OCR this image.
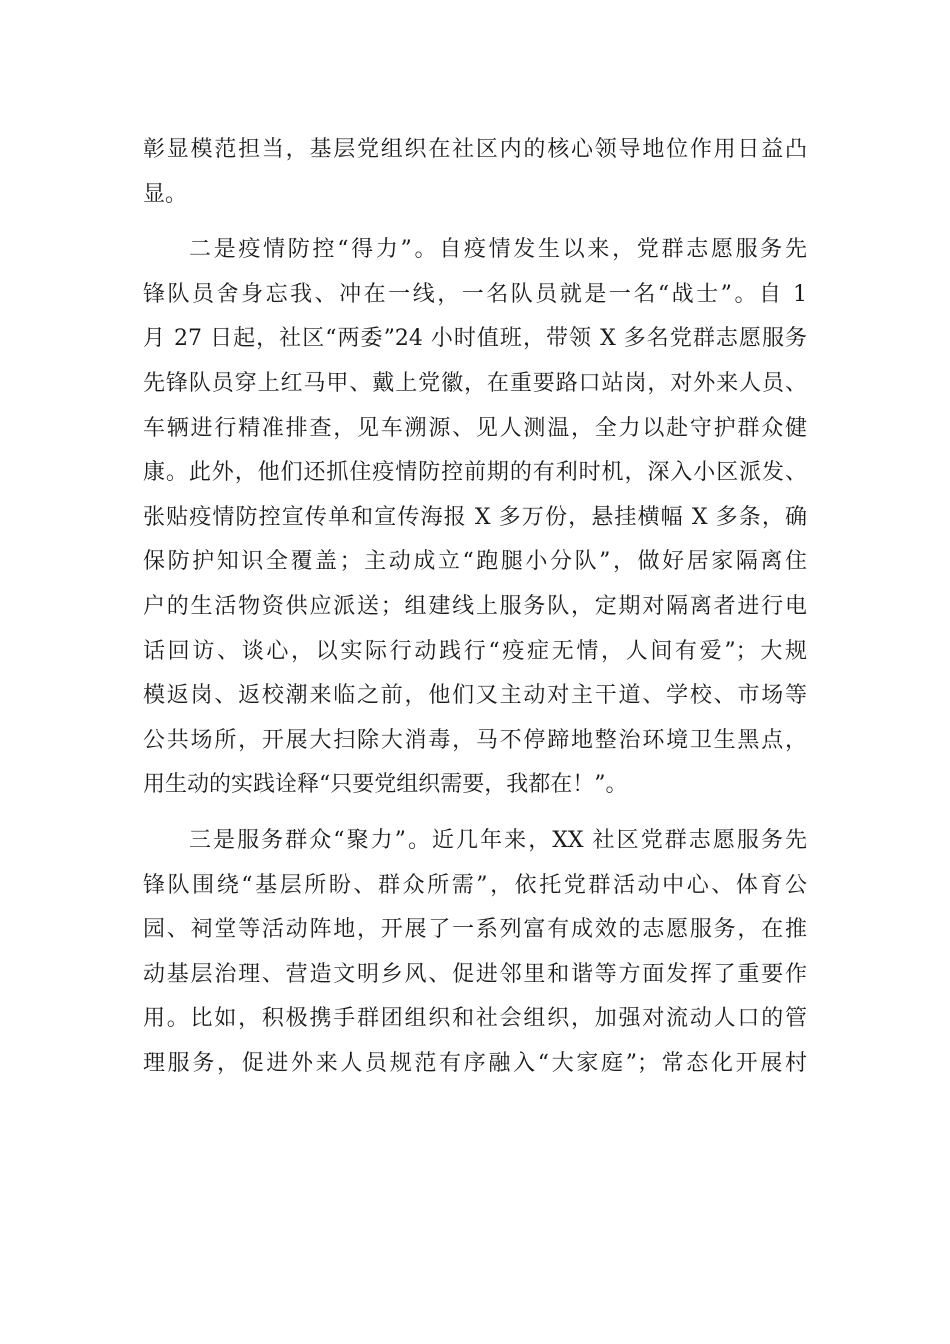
彰显模范担当，基层党组织在社区内的核心领导地位作用日益凸
显。
二是疫情防控“得力”。自疫情发生以来，党群志愿服务先
锋队员舍身忘我、冲在一线，一名队员就是一名“战士”。自 1
月 27 日起，社区“两委”24 小时值班，带领 X 多名党群志愿服务
先锋队员穿上红马甲、戴上党徽，在重要路口站岗，对外来人员、
车辆进行精准排查，见车溯源、见人测温，全力以赴守护群众健
康。此外，他们还抓住疫情防控前期的有利时机，深入小区派发、
张贴疫情防控宣传单和宣传海报 X 多万份，悬挂横幅 X 多条，确
保防护知识全覆盖；主动成立“跑腿小分队”，做好居家隔离住
户的生活物资供应派送；组建线上服务队，定期对隔离者进行电
话回访、谈心，以实际行动践行“疫症无情，人间有爱”；大规
模返岗、返校潮来临之前，他们又主动对主干道、学校、市场等
公共场所，开展大扫除大消毒，马不停蹄地整治环境卫生黑点，
用生动的实践诠释“只要党组织需要，我都在！”。
三是服务群众“聚力”。近几年来，XX 社区党群志愿服务先
锋队围绕“基层所盼、群众所需”，依托党群活动中心、体育公
园、祠堂等活动阵地，开展了一系列富有成效的志愿服务，在推
动基层治理、营造文明乡风、促进邻里和谐等方面发挥了重要作
用。比如，积极携手群团组织和社会组织，加强对流动人口的管
理服务，促进外来人员规范有序融入“大家庭”；常态化开展村
